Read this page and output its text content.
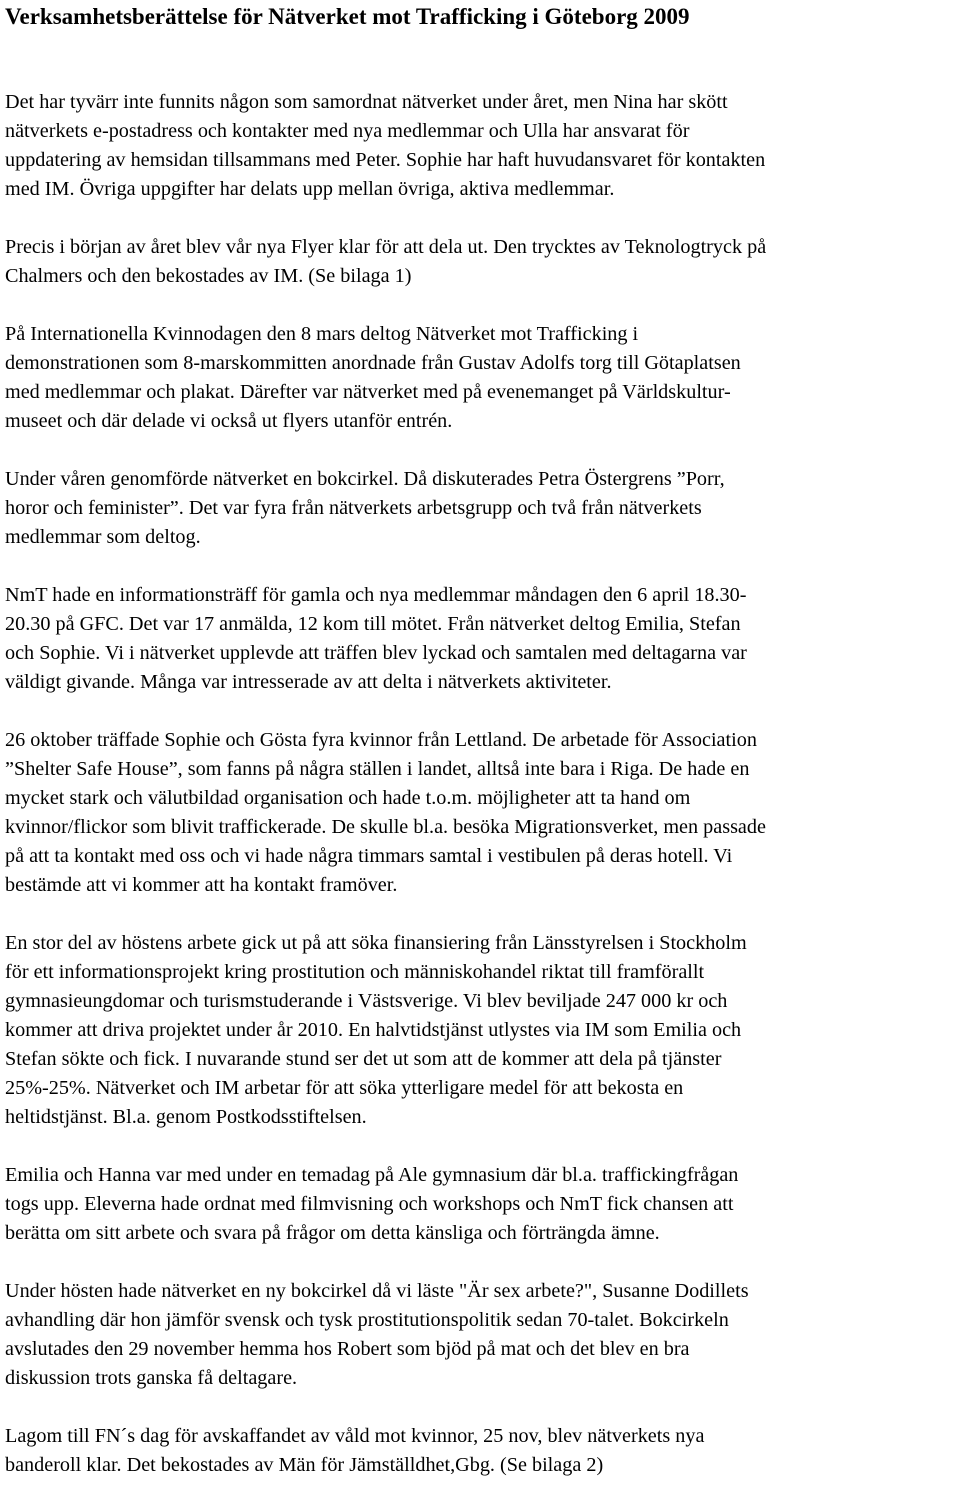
Verksamhetsberättelse för Nätverket mot Trafficking i Göteborg 2009

Det har tyvärr inte funnits någon som samordnat nätverket under året, men Nina har skött
nätverkets e-postadress och kontakter med nya medlemmar och Ulla har ansvarat för
uppdatering av hemsidan tillsammans med Peter. Sophie har haft huvudansvaret för kontakten
med IM. Övriga uppgifter har delats upp mellan övriga, aktiva medlemmar.

Precis i början av året blev vår nya Flyer klar för att dela ut. Den trycktes av Teknologtryck på
Chalmers och den bekostades av IM. (Se bilaga 1)

På Internationella Kvinnodagen den 8 mars deltog Nätverket mot Trafficking i
demonstrationen som 8-marskommitten anordnade från Gustav Adolfs torg till Götaplatsen
med medlemmar och plakat. Därefter var nätverket med på evenemanget på Världskultur-
museet och där delade vi också ut flyers utanför entrén.

Under våren genomförde nätverket en bokcirkel. Då diskuterades Petra Östergrens ”Porr,
horor och feminister”. Det var fyra från nätverkets arbetsgrupp och två från nätverkets
medlemmar som deltog.

NmT hade en informationsträff för gamla och nya medlemmar måndagen den 6 april 18.30-
20.30 på GFC. Det var 17 anmälda, 12 kom till mötet. Från nätverket deltog Emilia, Stefan
och Sophie. Vi i nätverket upplevde att träffen blev lyckad och samtalen med deltagarna var
väldigt givande. Många var intresserade av att delta i nätverkets aktiviteter.

26 oktober träffade Sophie och Gösta fyra kvinnor från Lettland. De arbetade för Association
”Shelter Safe House”, som fanns på några ställen i landet, alltså inte bara i Riga. De hade en
mycket stark och välutbildad organisation och hade t.o.m. möjligheter att ta hand om
kvinnor/flickor som blivit traffickerade. De skulle bl.a. besöka Migrationsverket, men passade
på att ta kontakt med oss och vi hade några timmars samtal i vestibulen på deras hotell. Vi
bestämde att vi kommer att ha kontakt framöver.

En stor del av höstens arbete gick ut på att söka finansiering från Länsstyrelsen i Stockholm
för ett informationsprojekt kring prostitution och människohandel riktat till framförallt
gymnasieungdomar och turismstuderande i Västsverige. Vi blev beviljade 247 000 kr och
kommer att driva projektet under år 2010. En halvtidstjänst utlystes via IM som Emilia och
Stefan sökte och fick. I nuvarande stund ser det ut som att de kommer att dela på tjänster
25%-25%. Nätverket och IM arbetar för att söka ytterligare medel för att bekosta en
heltidstjänst. Bl.a. genom Postkodsstiftelsen.

Emilia och Hanna var med under en temadag på Ale gymnasium där bl.a. traffickingfrågan
togs upp. Eleverna hade ordnat med filmvisning och workshops och NmT fick chansen att
berätta om sitt arbete och svara på frågor om detta känsliga och förträngda ämne.

Under hösten hade nätverket en ny bokcirkel då vi läste "Är sex arbete?", Susanne Dodillets
avhandling där hon jämför svensk och tysk prostitutionspolitik sedan 70-talet. Bokcirkeln
avslutades den 29 november hemma hos Robert som bjöd på mat och det blev en bra
diskussion trots ganska få deltagare.

Lagom till FN´s dag för avskaffandet av våld mot kvinnor, 25 nov, blev nätverkets nya
banderoll klar. Det bekostades av Män för Jämställdhet,Gbg. (Se bilaga 2)
